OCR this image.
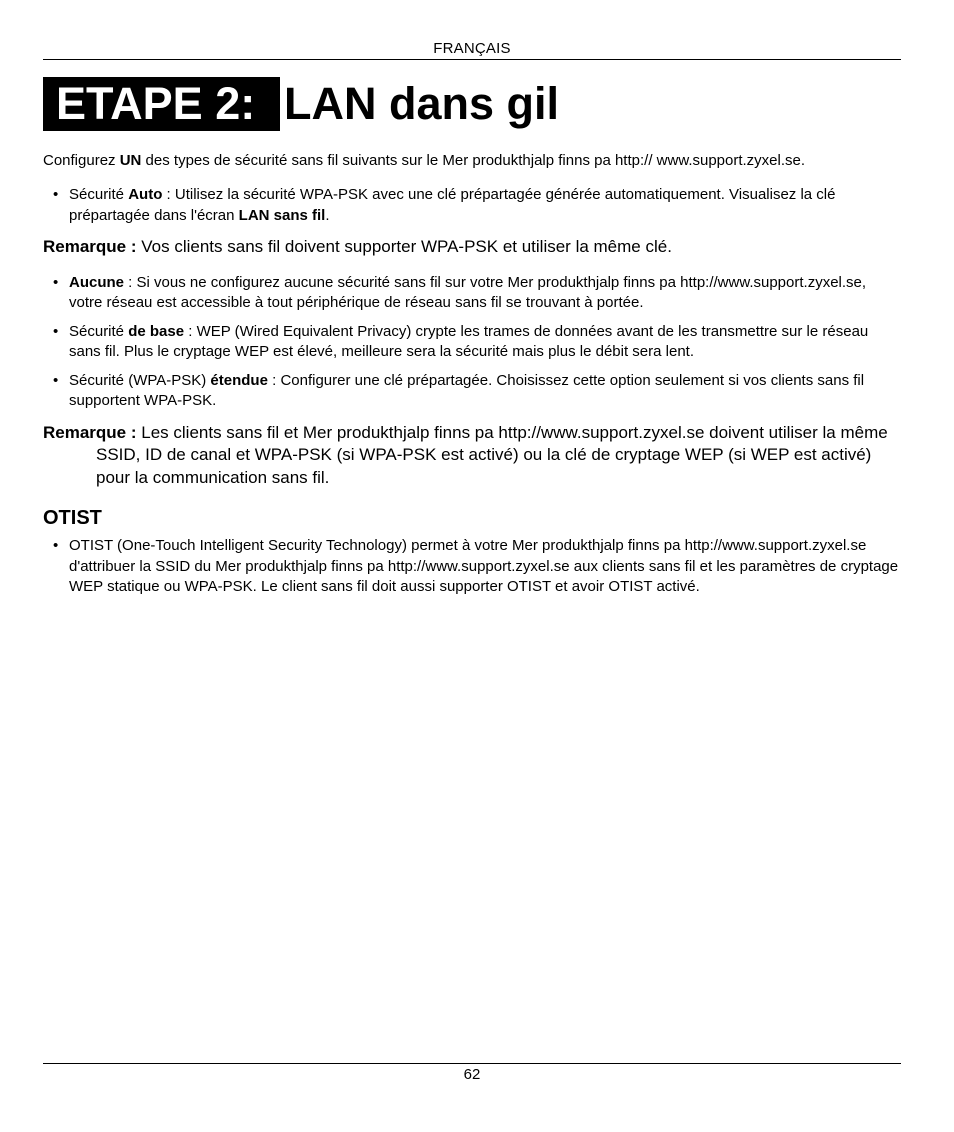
FRANÇAIS
ETAPE 2: LAN dans gil

Configurez UN des types de sécurité sans fil suivants sur le Mer produkthjalp finns pa http:// www.support.zyxel.se.

• Sécurité Auto : Utilisez la sécurité WPA-PSK avec une clé prépartagée générée automatiquement. Visualisez la clé prépartagée dans l'écran LAN sans fil.

Remarque : Vos clients sans fil doivent supporter WPA-PSK et utiliser la même clé.

• Aucune : Si vous ne configurez aucune sécurité sans fil sur votre Mer produkthjalp finns pa http://www.support.zyxel.se, votre réseau est accessible à tout périphérique de réseau sans fil se trouvant à portée.
• Sécurité de base : WEP (Wired Equivalent Privacy) crypte les trames de données avant de les transmettre sur le réseau sans fil. Plus le cryptage WEP est élevé, meilleure sera la sécurité mais plus le débit sera lent.
• Sécurité (WPA-PSK) étendue : Configurer une clé prépartagée. Choisissez cette option seulement si vos clients sans fil supportent WPA-PSK.

Remarque : Les clients sans fil et Mer produkthjalp finns pa http://www.support.zyxel.se doivent utiliser la même SSID, ID de canal et WPA-PSK (si WPA-PSK est activé) ou la clé de cryptage WEP (si WEP est activé) pour la communication sans fil.

OTIST
• OTIST (One-Touch Intelligent Security Technology) permet à votre Mer produkthjalp finns pa http://www.support.zyxel.se d'attribuer la SSID du Mer produkthjalp finns pa http://www.support.zyxel.se aux clients sans fil et les paramètres de cryptage WEP statique ou WPA-PSK. Le client sans fil doit aussi supporter OTIST et avoir OTIST activé.
62
